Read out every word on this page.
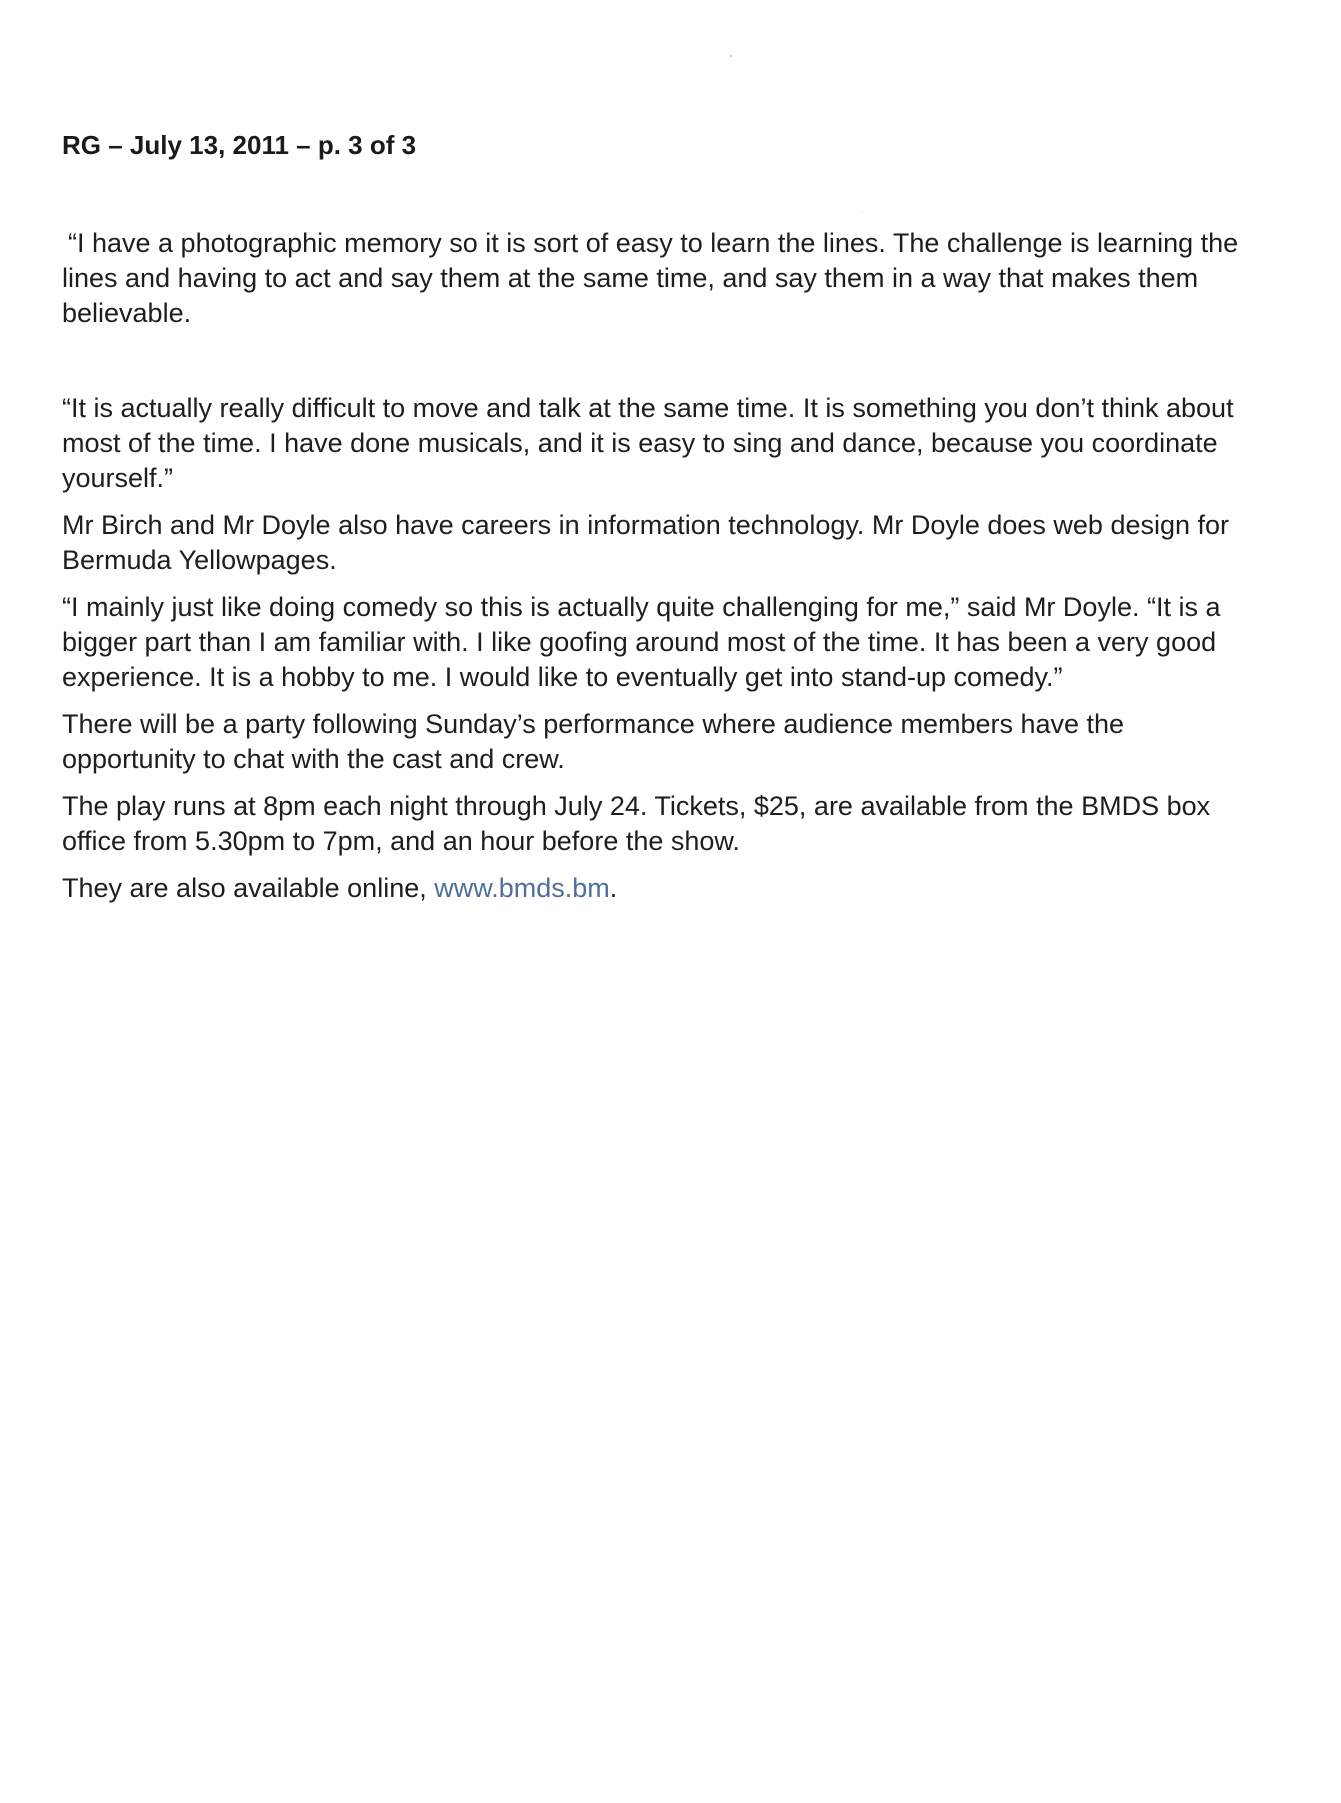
RG – July 13, 2011 – p. 3 of 3

“I have a photographic memory so it is sort of easy to learn the lines. The challenge is learning the lines and having to act and say them at the same time, and say them in a way that makes them believable.

“It is actually really difficult to move and talk at the same time. It is something you don’t think about most of the time. I have done musicals, and it is easy to sing and dance, because you coordinate yourself.”

Mr Birch and Mr Doyle also have careers in information technology. Mr Doyle does web design for Bermuda Yellowpages.

“I mainly just like doing comedy so this is actually quite challenging for me,” said Mr Doyle. “It is a bigger part than I am familiar with. I like goofing around most of the time. It has been a very good experience. It is a hobby to me. I would like to eventually get into stand-up comedy.”

There will be a party following Sunday’s performance where audience members have the opportunity to chat with the cast and crew.

The play runs at 8pm each night through July 24. Tickets, $25, are available from the BMDS box office from 5.30pm to 7pm, and an hour before the show.

They are also available online, www.bmds.bm.
